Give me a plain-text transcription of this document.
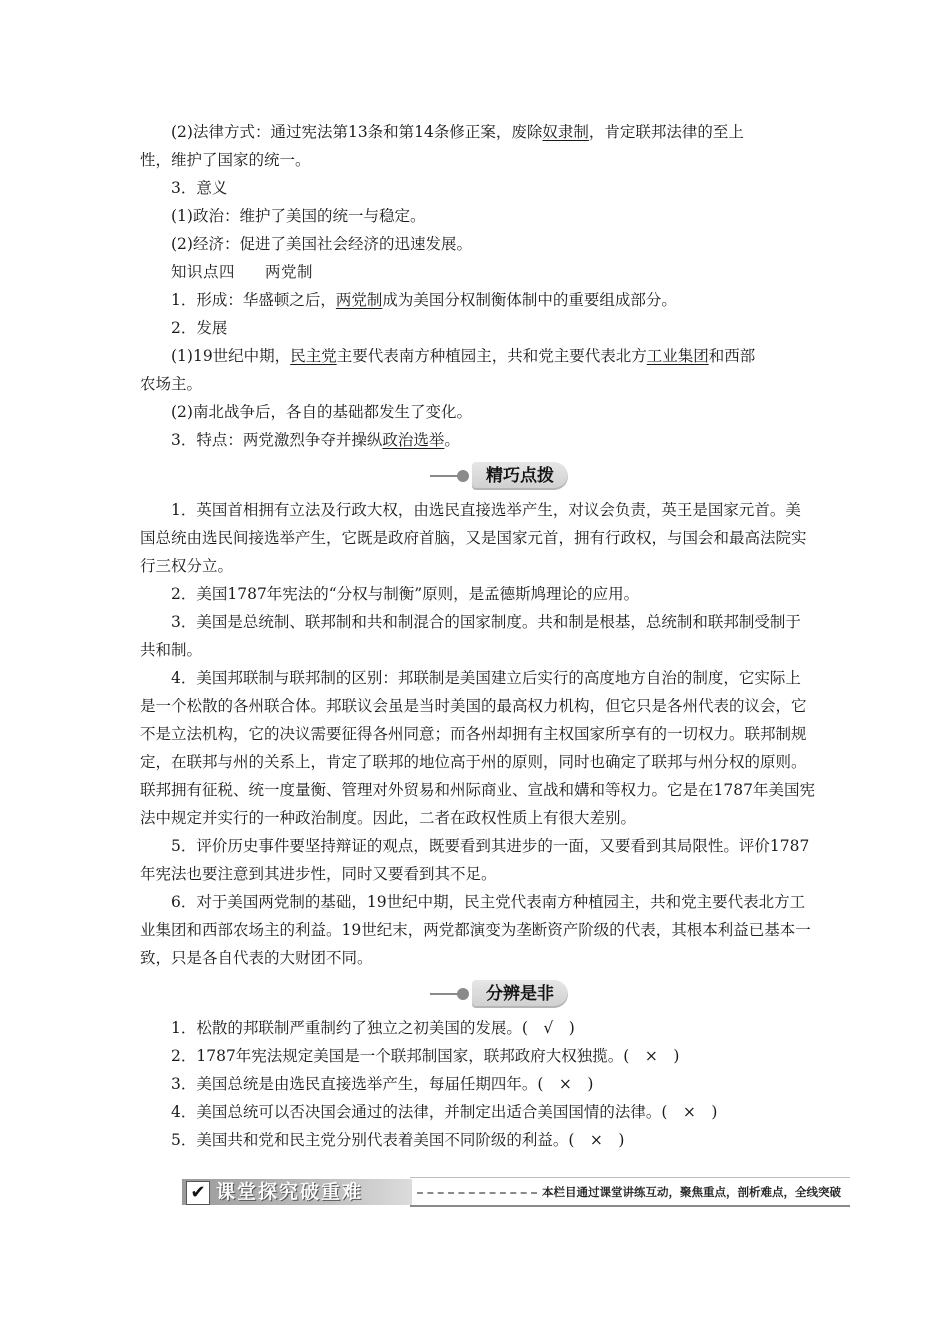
(2)法律方式：通过宪法第13条和第14条修正案，废除奴隶制，肯定联邦法律的至上

性，维护了国家的统一。

3．意义

(1)政治：维护了美国的统一与稳定。

(2)经济：促进了美国社会经济的迅速发展。

知识点四 两党制

1．形成：华盛顿之后，两党制成为美国分权制衡体制中的重要组成部分。

2．发展

(1)19世纪中期，民主党主要代表南方种植园主，共和党主要代表北方工业集团和西部

农场主。

(2)南北战争后，各自的基础都发生了变化。

3．特点：两党激烈争夺并操纵政治选举。

精巧点拨

1．英国首相拥有立法及行政大权，由选民直接选举产生，对议会负责，英王是国家元首。美国总统由选民间接选举产生，它既是政府首脑，又是国家元首，拥有行政权，与国会和最高法院实行三权分立。

2．美国1787年宪法的“分权与制衡”原则，是孟德斯鸠理论的应用。

3．美国是总统制、联邦制和共和制混合的国家制度。共和制是根基，总统制和联邦制受制于共和制。

4．美国邦联制与联邦制的区别：邦联制是美国建立后实行的高度地方自治的制度，它实际上是一个松散的各州联合体。邦联议会虽是当时美国的最高权力机构，但它只是各州代表的议会，它不是立法机构，它的决议需要征得各州同意；而各州却拥有主权国家所享有的一切权力。联邦制规定，在联邦与州的关系上，肯定了联邦的地位高于州的原则，同时也确定了联邦与州分权的原则。联邦拥有征税、统一度量衡、管理对外贸易和州际商业、宣战和媾和等权力。它是在1787年美国宪法中规定并实行的一种政治制度。因此，二者在政权性质上有很大差别。

5．评价历史事件要坚持辩证的观点，既要看到其进步的一面，又要看到其局限性。评价1787年宪法也要注意到其进步性，同时又要看到其不足。

6．对于美国两党制的基础，19世纪中期，民主党代表南方种植园主，共和党主要代表北方工业集团和西部农场主的利益。19世纪末，两党都演变为垄断资产阶级的代表，其根本利益已基本一致，只是各自代表的大财团不同。

分辨是非

1．松散的邦联制严重制约了独立之初美国的发展。(　√　)

2．1787年宪法规定美国是一个联邦制国家，联邦政府大权独揽。(　×　)

3．美国总统是由选民直接选举产生，每届任期四年。(　×　)

4．美国总统可以否决国会通过的法律，并制定出适合美国国情的法律。(　×　)

5．美国共和党和民主党分别代表着美国不同阶级的利益。(　×　)

✔ 课堂探究破重难	本栏目通过课堂讲练互动，聚焦重点，剖析难点，全线突破
